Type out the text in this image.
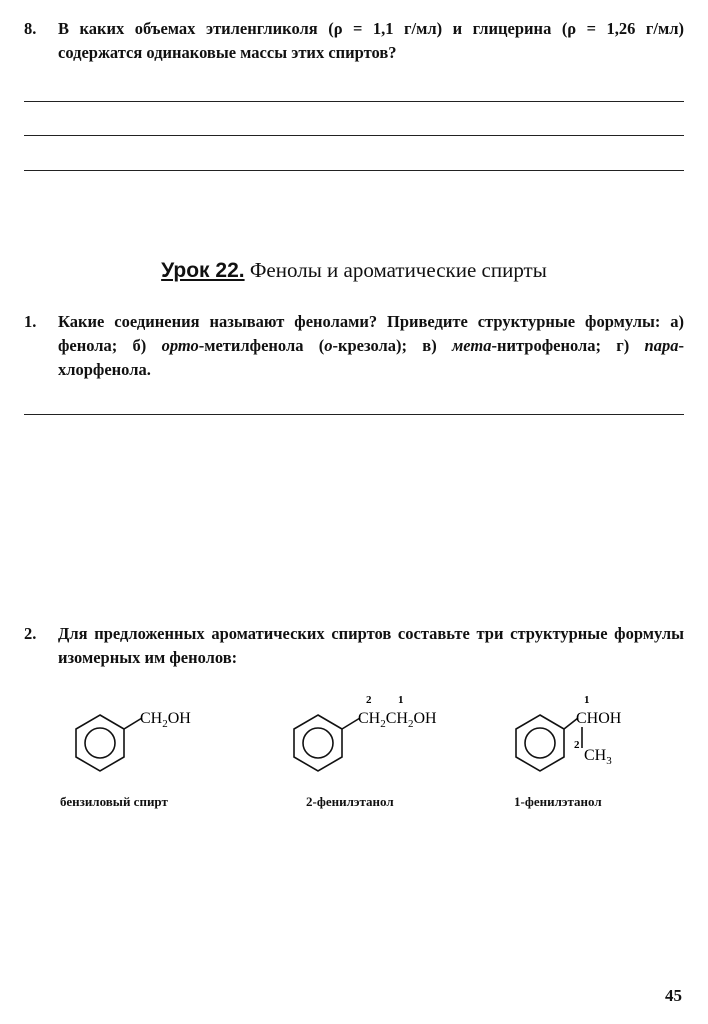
8. В каких объемах этиленгликоля (ρ = 1,1 г/мл) и глицерина (ρ = 1,26 г/мл) содержатся одинаковые массы этих спиртов?
Урок 22. Фенолы и ароматические спирты
1. Какие соединения называют фенолами? Приведите структурные формулы: а) фенола; б) орто-метилфенола (о-крезола); в) мета-нитрофенола; г) пара-хлорфенола.
2. Для предложенных ароматических спиртов составьте три структурные формулы изомерных им фенолов:
$CH_2OH$
бензиловый спирт
2 1
$CH_2CH_2OH$
2-фенилэтанол
1
CHOH
2
$CH_3$
1-фенилэтанол
45
